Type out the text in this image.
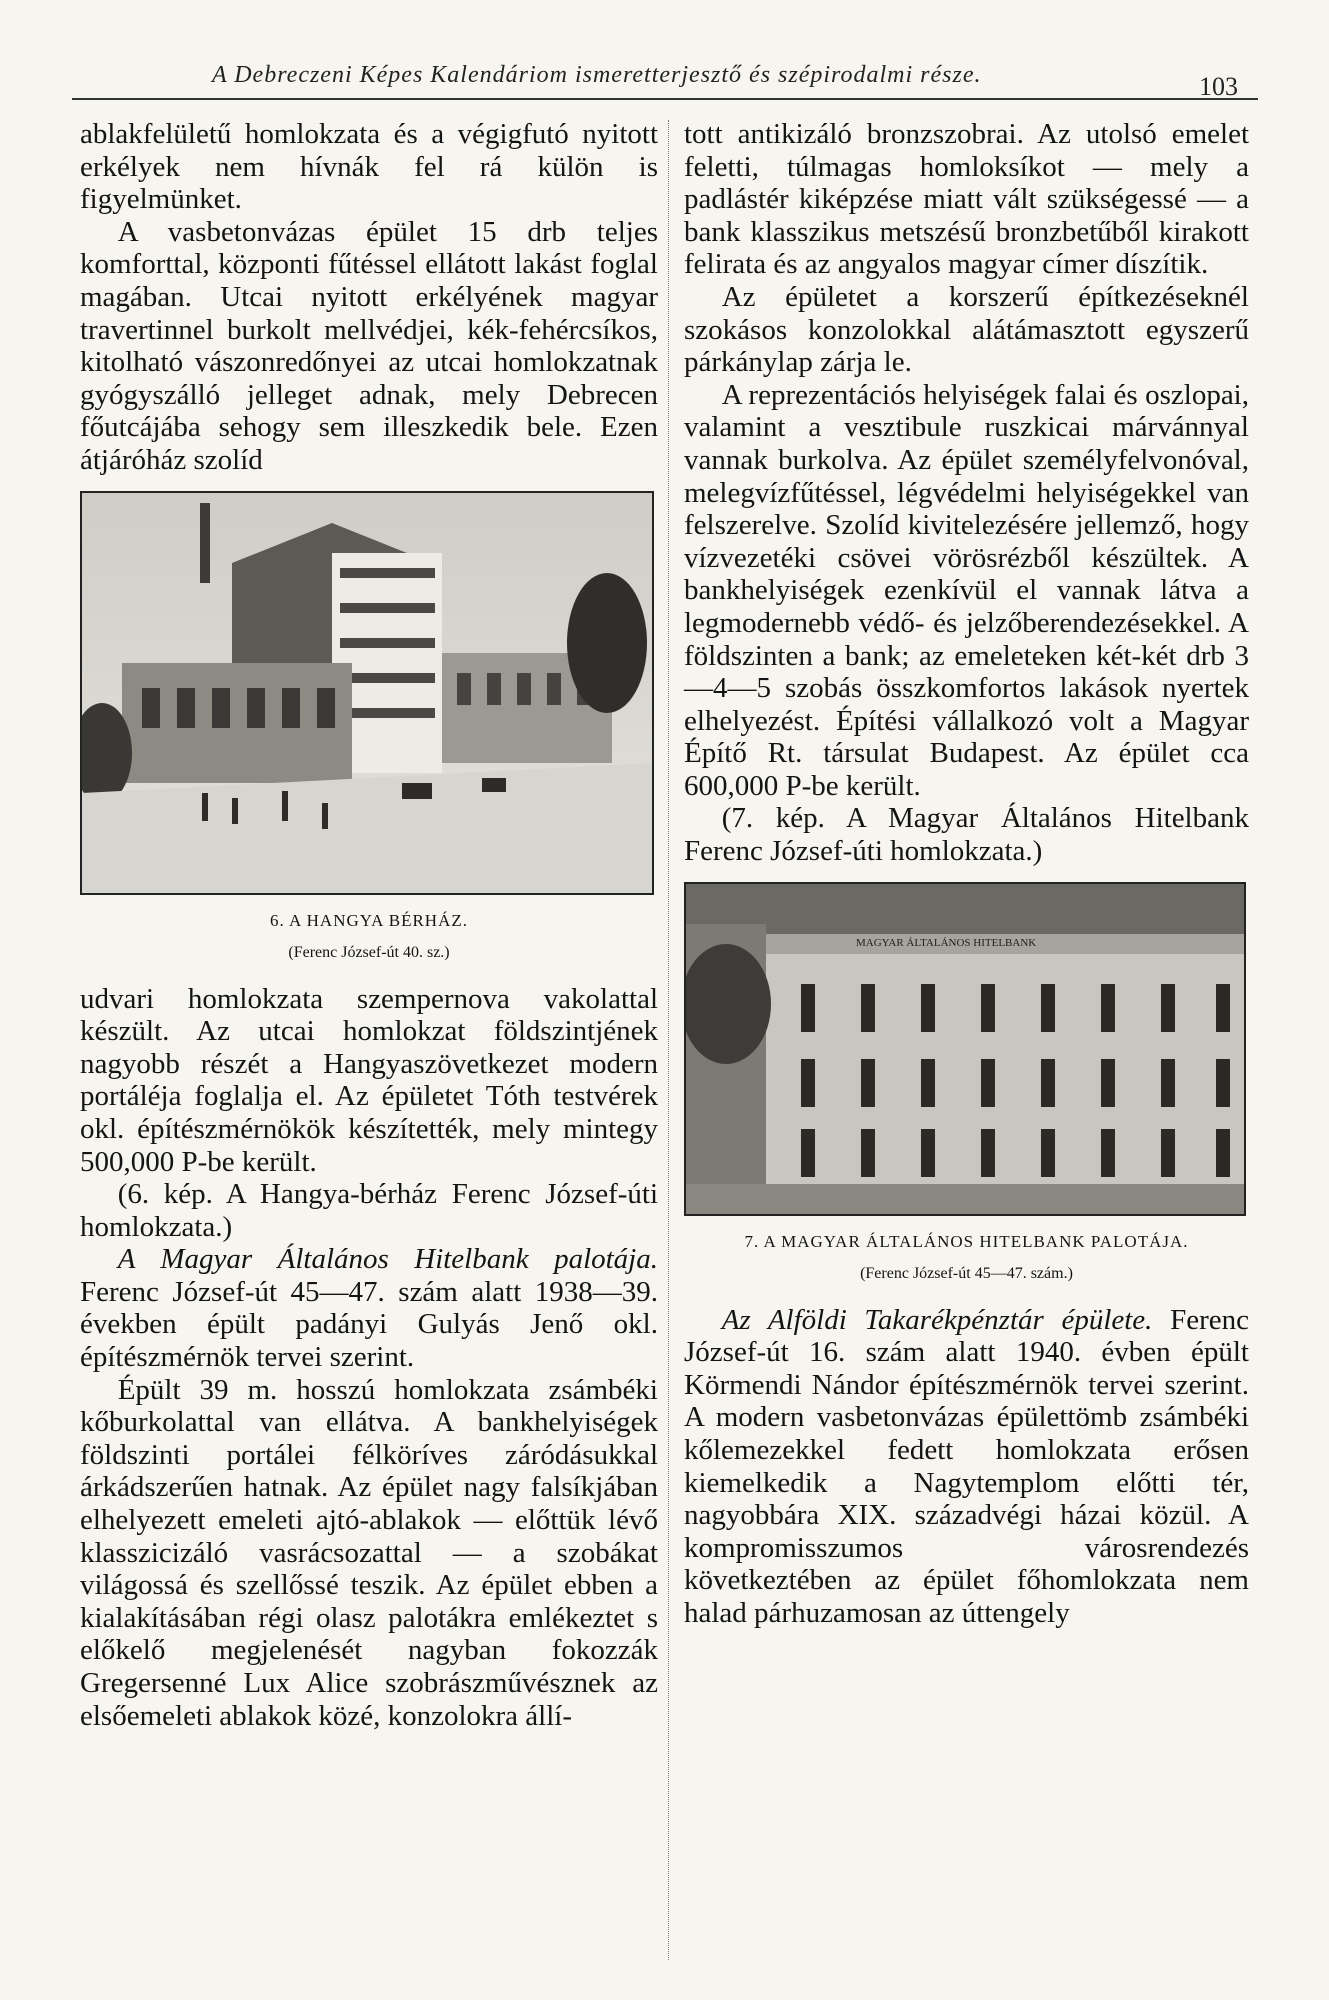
A Debreczeni Képes Kalendáriom ismeretterjesztő és szépirodalmi része.	103

ablakfelületű homlokzata és a végigfutó nyitott erkélyek nem hívnák fel rá külön is figyelmünket.

A vasbetonvázas épület 15 drb teljes komforttal, központi fűtéssel ellátott lakást foglal magában. Utcai nyitott erkélyének magyar travertinnel burkolt mellvédjei, kék-fehércsíkos, kitolható vászonredőnyei az utcai homlokzatnak gyógyszálló jelleget adnak, mely Debrecen főutcájába sehogy sem illeszkedik bele. Ezen átjáróház szolíd

6. A HANGYA BÉRHÁZ.
(Ferenc József-út 40. sz.)

udvari homlokzata szempernova vakolattal készült. Az utcai homlokzat földszintjének nagyobb részét a Hangyaszövetkezet modern portáléja foglalja el. Az épületet Tóth testvérek okl. építészmérnökök készítették, mely mintegy 500,000 P-be került.

(6. kép. A Hangya-bérház Ferenc József-úti homlokzata.)

A Magyar Általános Hitelbank palotája. Ferenc József-út 45—47. szám alatt 1938—39. években épült padányi Gulyás Jenő okl. építészmérnök tervei szerint.

Épült 39 m. hosszú homlokzata zsámbéki kőburkolattal van ellátva. A bankhelyiségek földszinti portálei félköríves záródásukkal árkádszerűen hatnak. Az épület nagy falsíkjában elhelyezett emeleti ajtó-ablakok — előttük lévő klasszicizáló vasrácsozattal — a szobákat világossá és szellőssé teszik. Az épület ebben a kialakításában régi olasz palotákra emlékeztet s előkelő megjelenését nagyban fokozzák Gregersenné Lux Alice szobrászművésznek az elsőemeleti ablakok közé, konzolokra állí-

tott antikizáló bronzszobrai. Az utolsó emelet feletti, túlmagas homloksíkot — mely a padlástér kiképzése miatt vált szükségessé — a bank klasszikus metszésű bronzbetűből kirakott felirata és az angyalos magyar címer díszítik.

Az épületet a korszerű építkezéseknél szokásos konzolokkal alátámasztott egyszerű párkánylap zárja le.

A reprezentációs helyiségek falai és oszlopai, valamint a vesztibule ruszkicai márvánnyal vannak burkolva. Az épület személyfelvonóval, melegvízfűtéssel, légvédelmi helyiségekkel van felszerelve. Szolíd kivitelezésére jellemző, hogy vízvezetéki csövei vörösrézből készültek. A bankhelyiségek ezenkívül el vannak látva a legmodernebb védő- és jelzőberendezésekkel. A földszinten a bank; az emeleteken két-két drb 3—4—5 szobás összkomfortos lakások nyertek elhelyezést. Építési vállalkozó volt a Magyar Építő Rt. társulat Budapest. Az épület cca 600,000 P-be került.

(7. kép. A Magyar Általános Hitelbank Ferenc József-úti homlokzata.)

MAGYAR ÁLTALÁNOS HITELBANK
7. A MAGYAR ÁLTALÁNOS HITELBANK PALOTÁJA.
(Ferenc József-út 45—47. szám.)

Az Alföldi Takarékpénztár épülete. Ferenc József-út 16. szám alatt 1940. évben épült Körmendi Nándor építészmérnök tervei szerint. A modern vasbetonvázas épülettömb zsámbéki kőlemezekkel fedett homlokzata erősen kiemelkedik a Nagytemplom előtti tér, nagyobbára XIX. századvégi házai közül. A kompromisszumos városrendezés következtében az épület főhomlokzata nem halad párhuzamosan az úttengely
